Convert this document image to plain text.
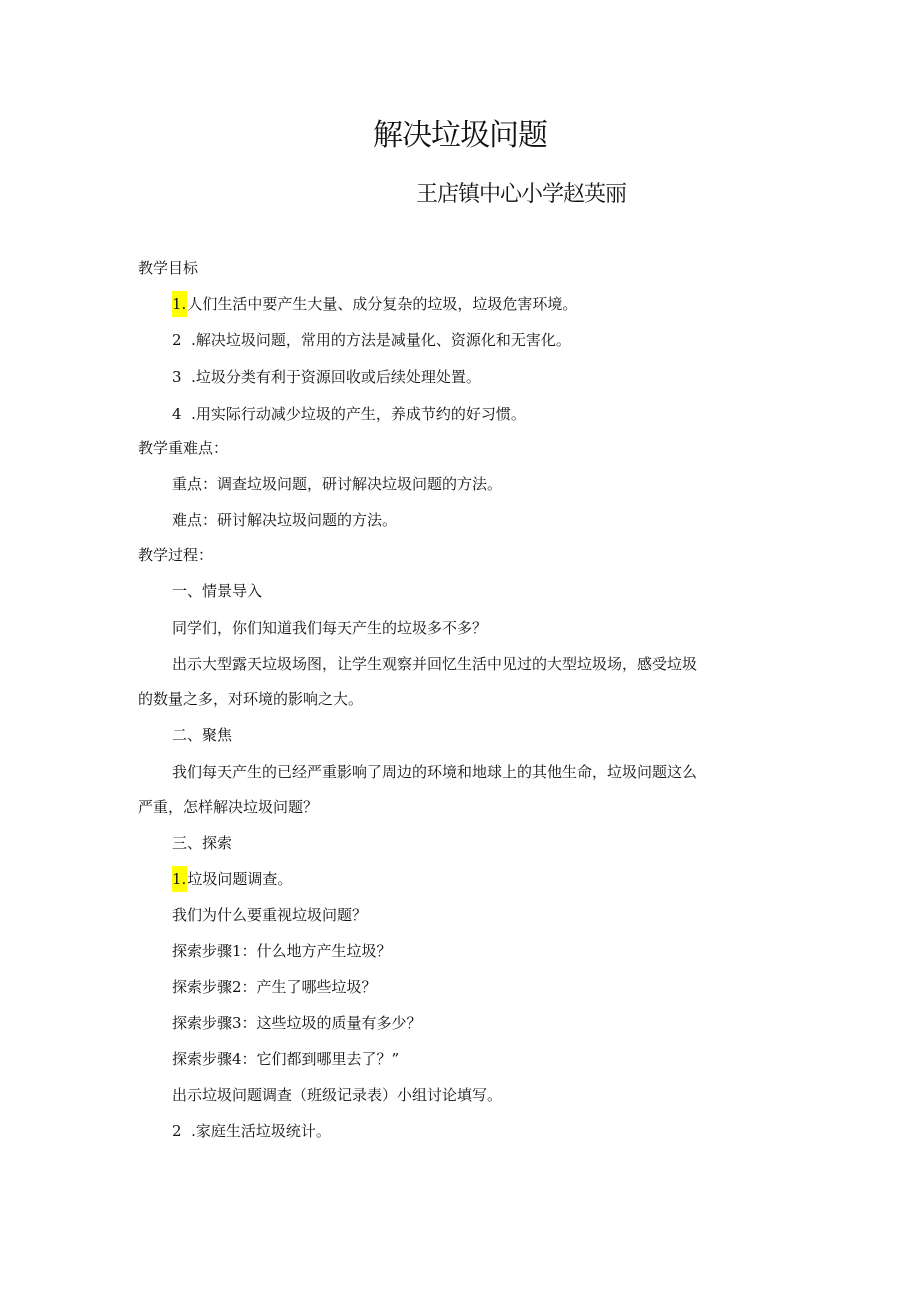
解决垃圾问题
王店镇中心小学赵英丽
教学目标
1.人们生活中要产生大量、成分复杂的垃圾，垃圾危害环境。
2 .解决垃圾问题，常用的方法是减量化、资源化和无害化。
3 .垃圾分类有利于资源回收或后续处理处置。
4 .用实际行动减少垃圾的产生，养成节约的好习惯。
教学重难点：
重点：调查垃圾问题，研讨解决垃圾问题的方法。
难点：研讨解决垃圾问题的方法。
教学过程：
一、情景导入
同学们，你们知道我们每天产生的垃圾多不多？
出示大型露天垃圾场图，让学生观察并回忆生活中见过的大型垃圾场，感受垃圾
的数量之多，对环境的影响之大。
二、聚焦
我们每天产生的已经严重影响了周边的环境和地球上的其他生命，垃圾问题这么
严重，怎样解决垃圾问题？
三、探索
1.垃圾问题调查。
我们为什么要重视垃圾问题？
探索步骤1：什么地方产生垃圾？
探索步骤2：产生了哪些垃圾？
探索步骤3：这些垃圾的质量有多少？
探索步骤4：它们都到哪里去了？”
出示垃圾问题调查（班级记录表）小组讨论填写。
2 .家庭生活垃圾统计。
